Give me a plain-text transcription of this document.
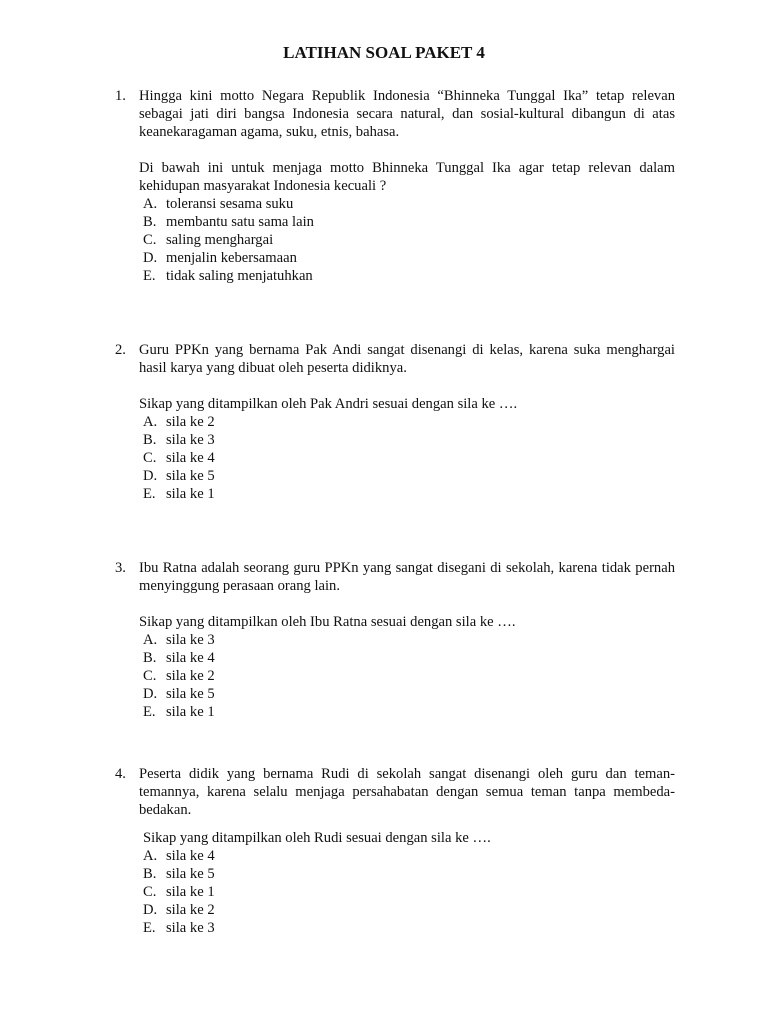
LATIHAN SOAL PAKET 4
1. Hingga kini motto Negara Republik Indonesia “Bhinneka Tunggal Ika” tetap relevan sebagai jati diri bangsa Indonesia secara natural, dan sosial-kultural dibangun di atas keanekaragaman agama, suku, etnis, bahasa.
Di bawah ini untuk menjaga motto Bhinneka Tunggal Ika agar tetap relevan dalam kehidupan masyarakat Indonesia kecuali ?
A. toleransi sesama suku
B. membantu satu sama lain
C. saling menghargai
D. menjalin kebersamaan
E. tidak saling menjatuhkan
2. Guru PPKn yang bernama Pak Andi sangat disenangi di kelas, karena suka menghargai hasil karya yang dibuat oleh peserta didiknya.
Sikap yang ditampilkan oleh Pak Andri sesuai dengan sila ke ….
A. sila ke 2
B. sila ke 3
C. sila ke 4
D. sila ke 5
E. sila ke 1
3. Ibu Ratna adalah seorang guru PPKn yang sangat disegani di sekolah, karena tidak pernah menyinggung perasaan orang lain.
Sikap yang ditampilkan oleh Ibu Ratna sesuai dengan sila ke ….
A. sila ke 3
B. sila ke 4
C. sila ke 2
D. sila ke 5
E. sila ke 1
4. Peserta didik yang bernama Rudi di sekolah sangat disenangi oleh guru dan teman-temannya, karena selalu menjaga persahabatan dengan semua teman tanpa membeda-bedakan.
Sikap yang ditampilkan oleh Rudi sesuai dengan sila ke ….
A. sila ke 4
B. sila ke 5
C. sila ke 1
D. sila ke 2
E. sila ke 3
